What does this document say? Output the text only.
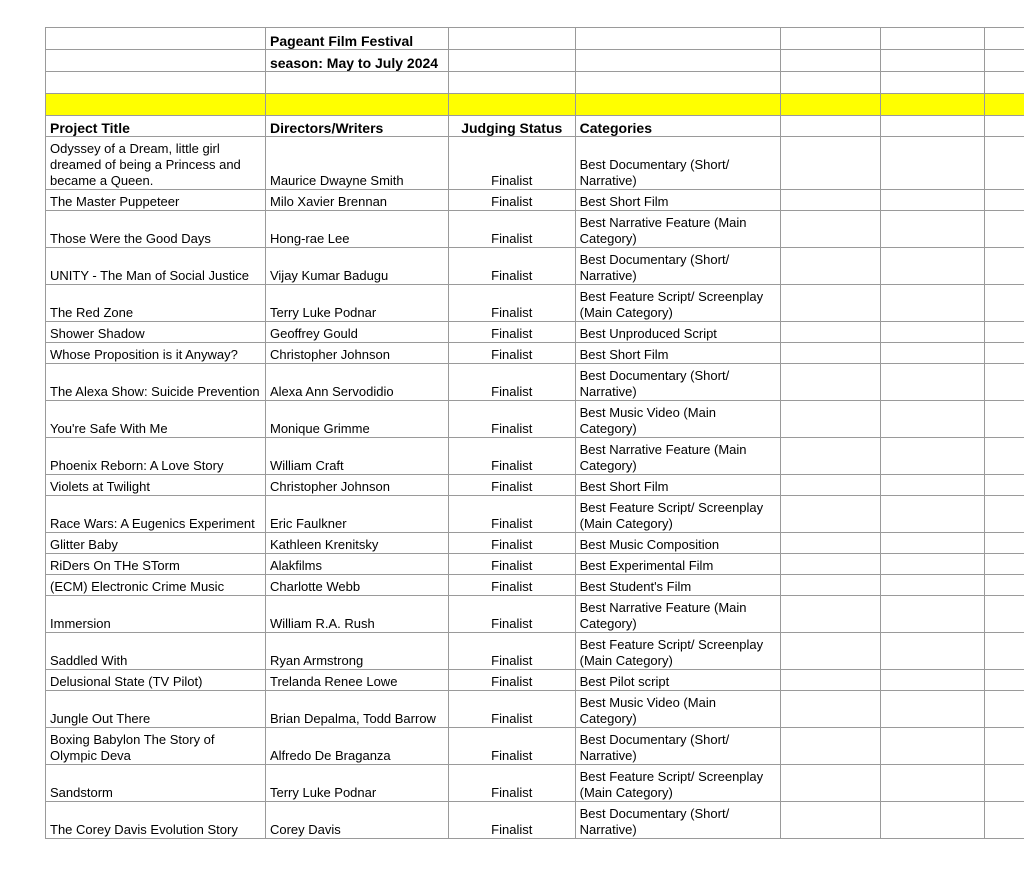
	Pageant Film Festival					
	season: May to July 2024					

Project Title	Directors/Writers	Judging Status	Categories			
Odyssey of a Dream, little girl dreamed of being a Princess and became a Queen.	Maurice Dwayne Smith	Finalist	Best Documentary (Short/ Narrative)			
The Master Puppeteer	Milo Xavier Brennan	Finalist	Best Short Film			
Those Were the Good Days	Hong-rae Lee	Finalist	Best Narrative Feature (Main Category)			
UNITY - The Man of Social Justice	Vijay Kumar Badugu	Finalist	Best Documentary (Short/ Narrative)			
The Red Zone	Terry Luke Podnar	Finalist	Best Feature Script/ Screenplay (Main Category)			
Shower Shadow	Geoffrey Gould	Finalist	Best Unproduced Script			
Whose Proposition is it Anyway?	Christopher Johnson	Finalist	Best Short Film			
The Alexa Show: Suicide Prevention	Alexa Ann Servodidio	Finalist	Best Documentary (Short/ Narrative)			
You're Safe With Me	Monique Grimme	Finalist	Best Music Video (Main Category)			
Phoenix Reborn: A Love Story	William Craft	Finalist	Best Narrative Feature (Main Category)			
Violets at Twilight	Christopher Johnson	Finalist	Best Short Film			
Race Wars: A Eugenics Experiment	Eric Faulkner	Finalist	Best Feature Script/ Screenplay (Main Category)			
Glitter Baby	Kathleen Krenitsky	Finalist	Best Music Composition			
RiDers On THe STorm	Alakfilms	Finalist	Best Experimental Film			
(ECM) Electronic Crime Music	Charlotte Webb	Finalist	Best Student's Film			
Immersion	William R.A. Rush	Finalist	Best Narrative Feature (Main Category)			
Saddled With	Ryan Armstrong	Finalist	Best Feature Script/ Screenplay (Main Category)			
Delusional State (TV Pilot)	Trelanda Renee Lowe	Finalist	Best Pilot script			
Jungle Out There	Brian Depalma, Todd Barrow	Finalist	Best Music Video (Main Category)			
Boxing Babylon The Story of Olympic Deva	Alfredo De Braganza	Finalist	Best Documentary (Short/ Narrative)			
Sandstorm	Terry Luke Podnar	Finalist	Best Feature Script/ Screenplay (Main Category)			
The Corey Davis Evolution Story	Corey Davis	Finalist	Best Documentary (Short/ Narrative)			
